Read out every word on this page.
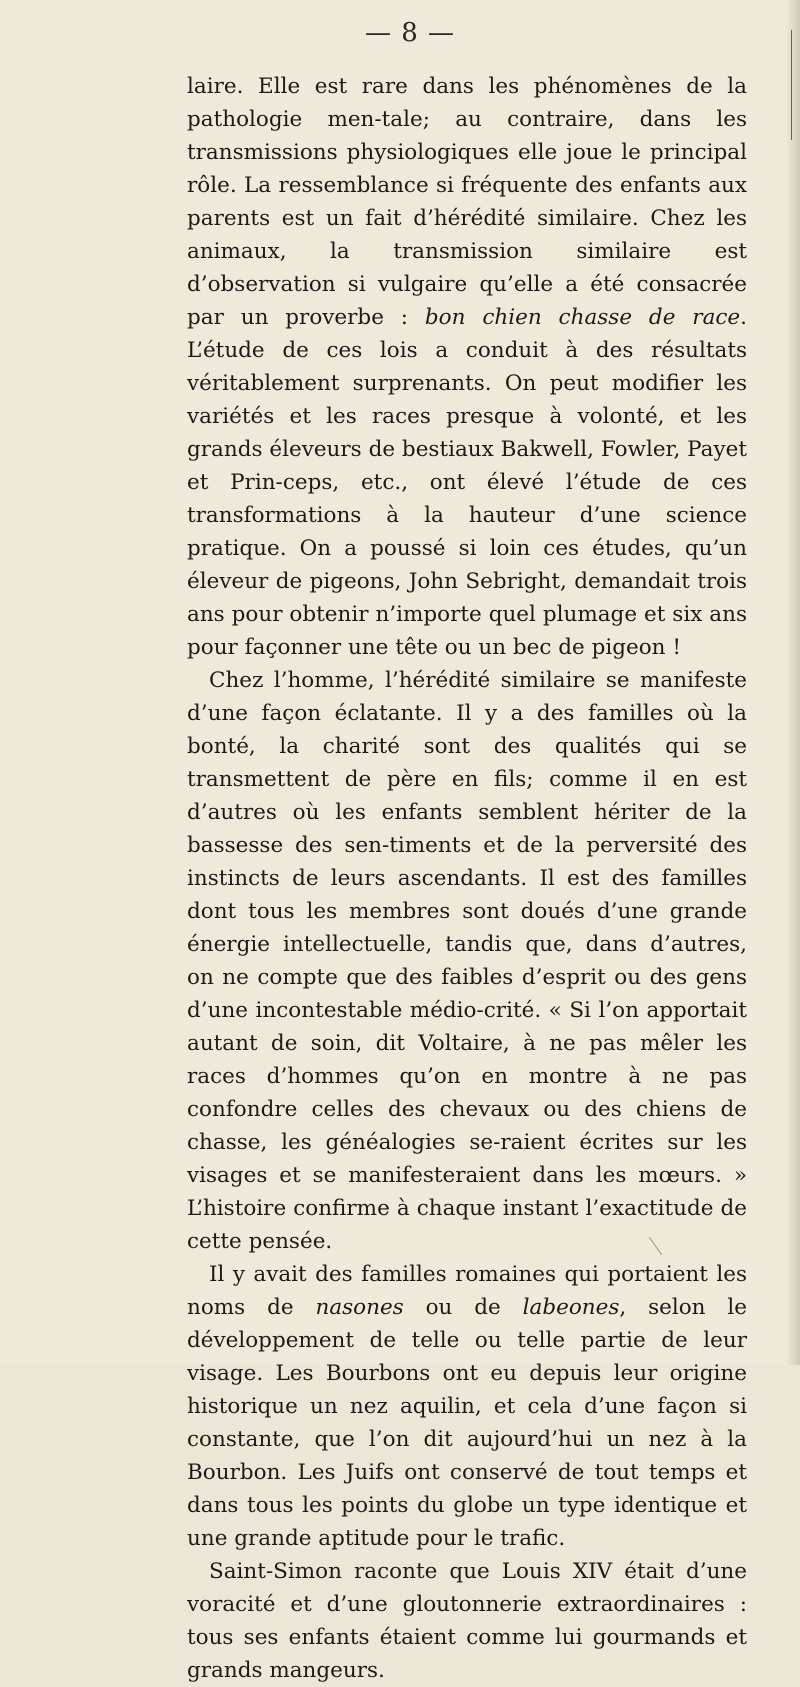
— 8 —

laire. Elle est rare dans les phénomènes de la pathologie men-tale; au contraire, dans les transmissions physiologiques elle joue le principal rôle. La ressemblance si fréquente des enfants aux parents est un fait d’hérédité similaire. Chez les animaux, la transmission similaire est d’observation si vulgaire qu’elle a été consacrée par un proverbe : bon chien chasse de race. L’étude de ces lois a conduit à des résultats véritablement surprenants. On peut modifier les variétés et les races presque à volonté, et les grands éleveurs de bestiaux Bakwell, Fowler, Payet et Prin-ceps, etc., ont élevé l’étude de ces transformations à la hauteur d’une science pratique. On a poussé si loin ces études, qu’un éleveur de pigeons, John Sebright, demandait trois ans pour obtenir n’importe quel plumage et six ans pour façonner une tête ou un bec de pigeon !

Chez l’homme, l’hérédité similaire se manifeste d’une façon éclatante. Il y a des familles où la bonté, la charité sont des qualités qui se transmettent de père en fils; comme il en est d’autres où les enfants semblent hériter de la bassesse des sen-timents et de la perversité des instincts de leurs ascendants. Il est des familles dont tous les membres sont doués d’une grande énergie intellectuelle, tandis que, dans d’autres, on ne compte que des faibles d’esprit ou des gens d’une incontestable médio-crité. « Si l’on apportait autant de soin, dit Voltaire, à ne pas mêler les races d’hommes qu’on en montre à ne pas confondre celles des chevaux ou des chiens de chasse, les généalogies se-raient écrites sur les visages et se manifesteraient dans les mœurs. » L’histoire confirme à chaque instant l’exactitude de cette pensée.

Il y avait des familles romaines qui portaient les noms de nasones ou de labeones, selon le développement de telle ou telle partie de leur visage. Les Bourbons ont eu depuis leur origine historique un nez aquilin, et cela d’une façon si constante, que l’on dit aujourd’hui un nez à la Bourbon. Les Juifs ont conservé de tout temps et dans tous les points du globe un type identique et une grande aptitude pour le trafic.

Saint-Simon raconte que Louis XIV était d’une voracité et d’une gloutonnerie extraordinaires : tous ses enfants étaient comme lui gourmands et grands mangeurs.
